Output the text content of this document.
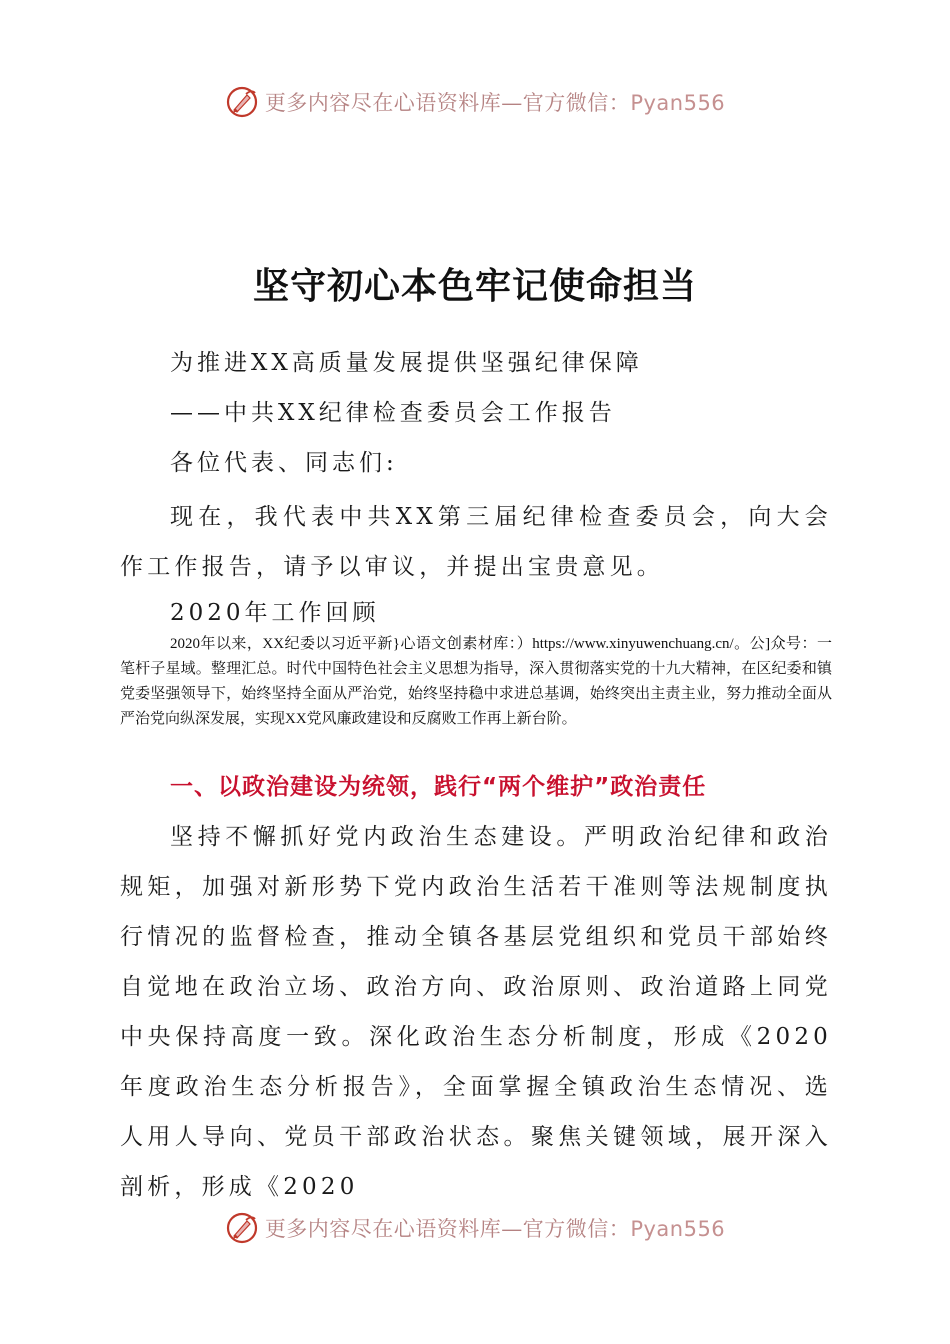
更多内容尽在心语资料库—官方微信：Pyan556
坚守初心本色牢记使命担当

为推进XX高质量发展提供坚强纪律保障

——中共XX纪律检查委员会工作报告

各位代表、同志们:

现在，我代表中共XX第三届纪律检查委员会，向大会作工作报告，请予以审议，并提出宝贵意见。

2020年工作回顾

2020年以来，XX纪委以习近平新}心语文创素材库：）https://www.xinyuwenchuang.cn/。公]众号：一笔杆子星域。整理汇总。时代中国特色社会主义思想为指导，深入贯彻落实党的十九大精神，在区纪委和镇党委坚强领导下，始终坚持全面从严治党，始终坚持稳中求进总基调，始终突出主责主业，努力推动全面从严治党向纵深发展，实现XX党风廉政建设和反腐败工作再上新台阶。

一、以政治建设为统领，践行“两个维护”政治责任

坚持不懈抓好党内政治生态建设。严明政治纪律和政治规矩，加强对新形势下党内政治生活若干准则等法规制度执行情况的监督检查，推动全镇各基层党组织和党员干部始终自觉地在政治立场、政治方向、政治原则、政治道路上同党中央保持高度一致。深化政治生态分析制度，形成《2020年度政治生态分析报告》，全面掌握全镇政治生态情况、选人用人导向、党员干部政治状态。聚焦关键领域，展开深入剖析，形成《2020

更多内容尽在心语资料库—官方微信：Pyan556
